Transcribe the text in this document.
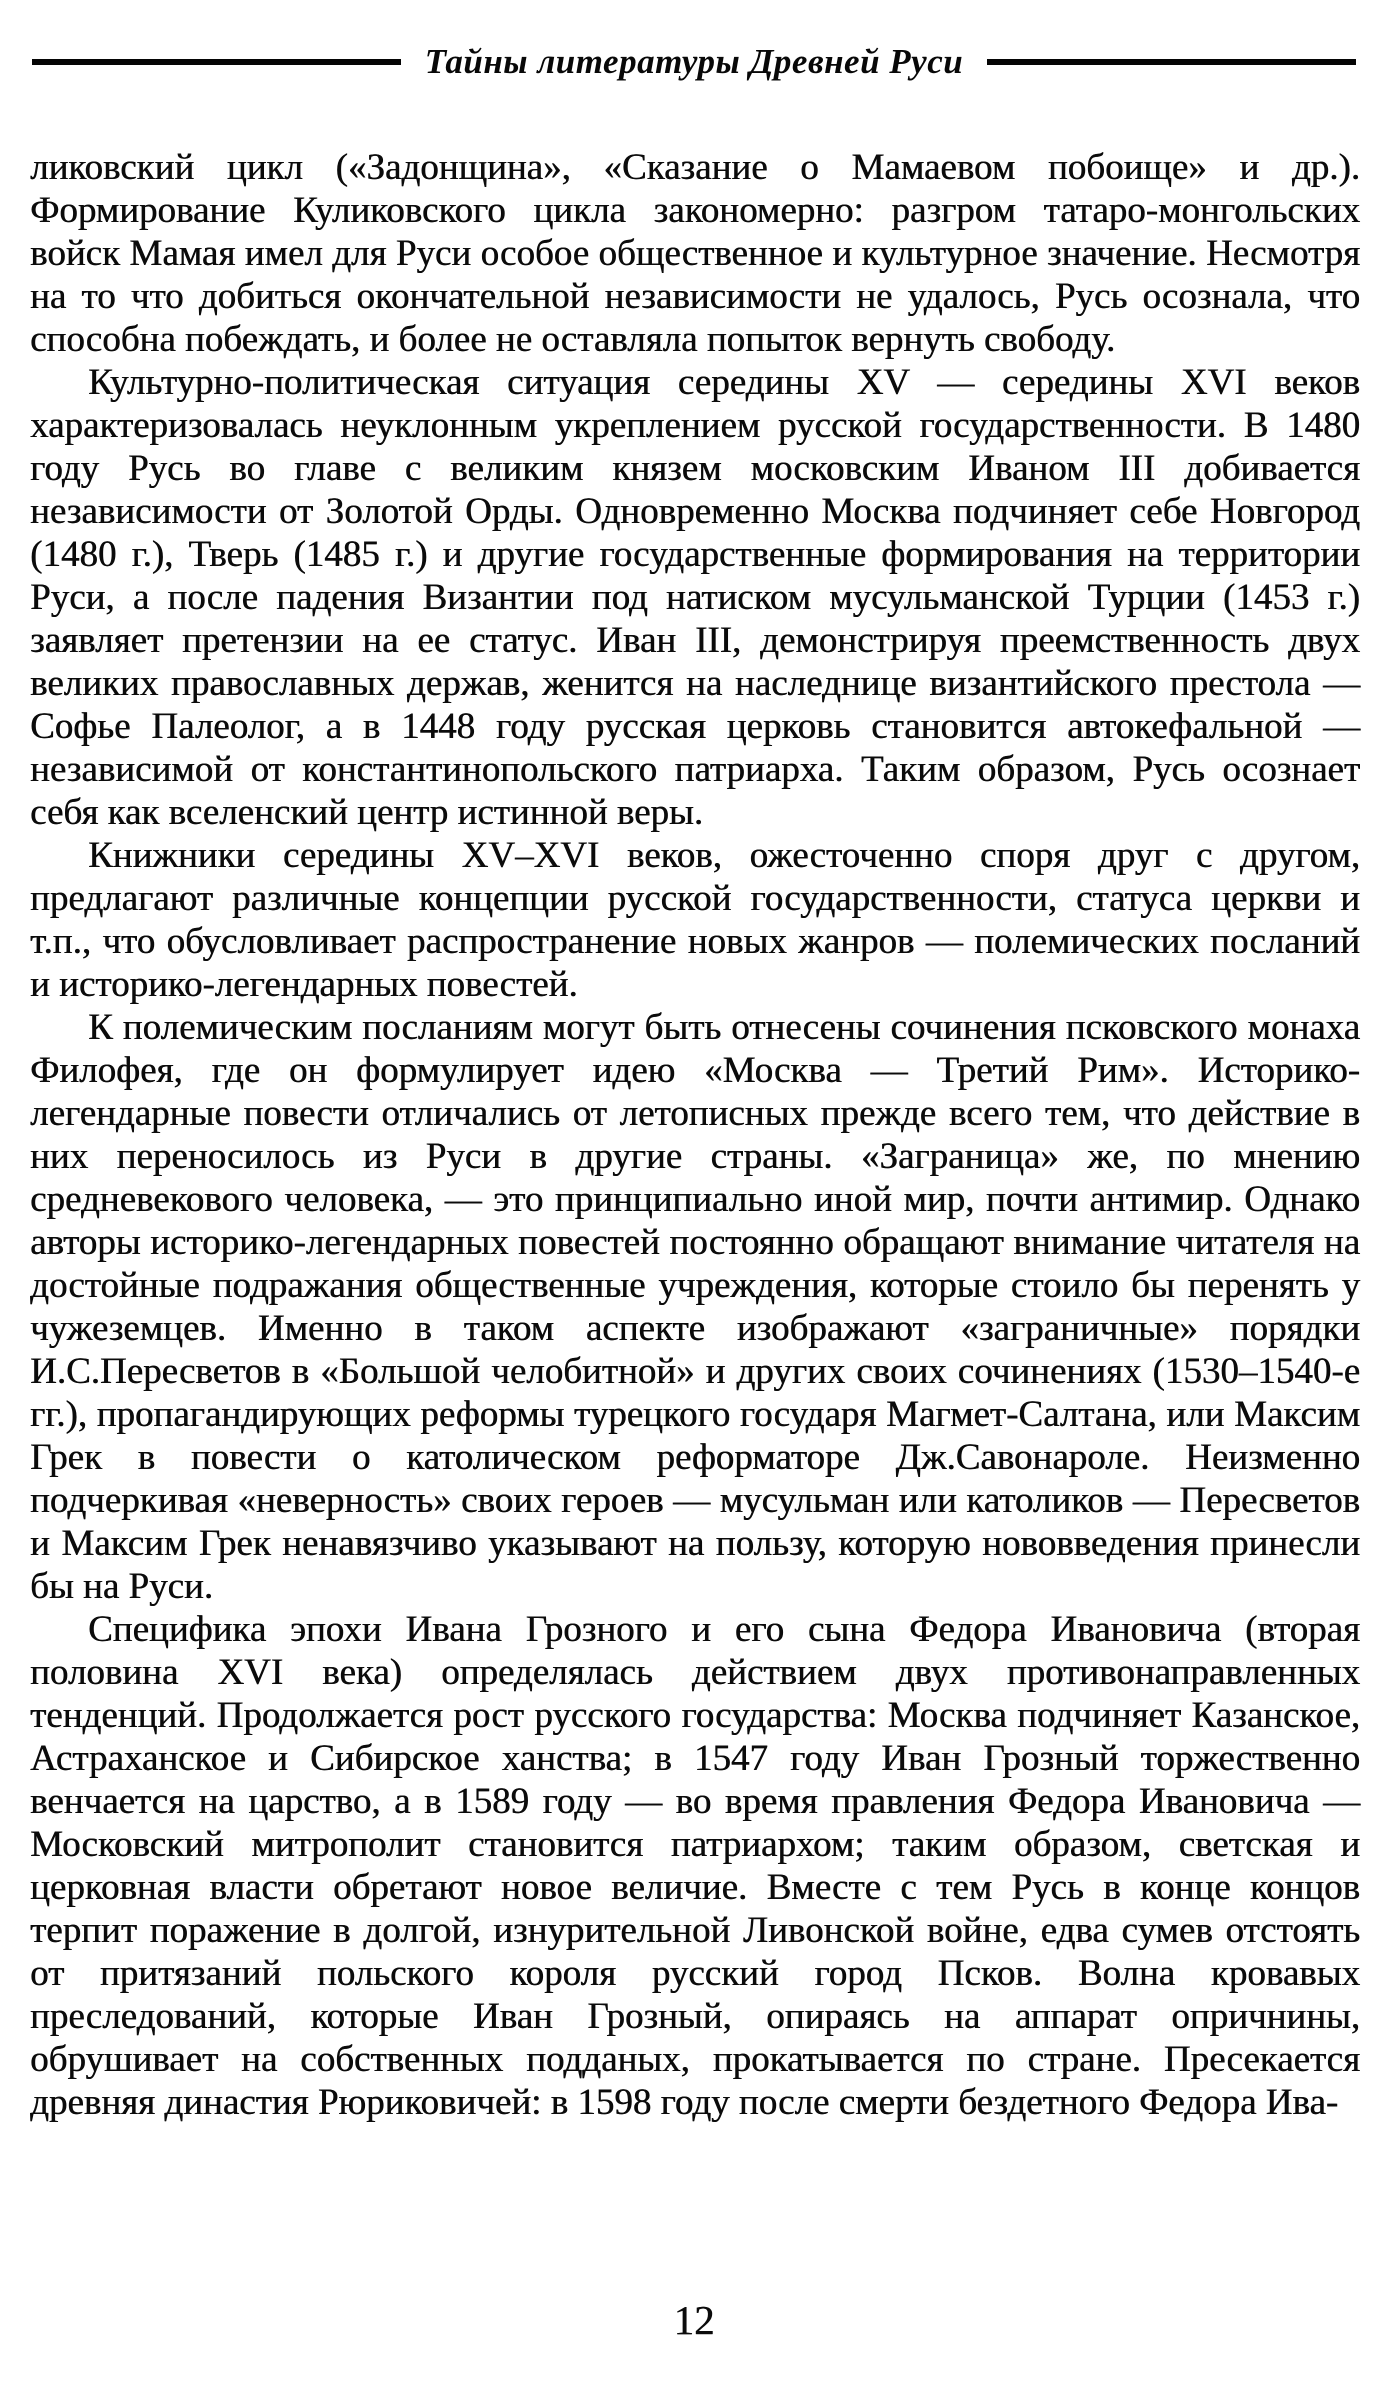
Тайны литературы Древней Руси

ликовский цикл («Задонщина», «Сказание о Мамаевом побоище» и др.). Формирование Куликовского цикла закономерно: разгром татаро-монгольских войск Мамая имел для Руси особое общественное и культурное значение. Несмотря на то что добиться окончательной независимости не удалось, Русь осознала, что способна побеждать, и более не оставляла попыток вернуть свободу.

Культурно-политическая ситуация середины XV — середины XVI веков характеризовалась неуклонным укреплением русской государственности. В 1480 году Русь во главе с великим князем московским Иваном III добивается независимости от Золотой Орды. Одновременно Москва подчиняет себе Новгород (1480 г.), Тверь (1485 г.) и другие государственные формирования на территории Руси, а после падения Византии под натиском мусульманской Турции (1453 г.) заявляет претензии на ее статус. Иван III, демонстрируя преемственность двух великих православных держав, женится на наследнице византийского престола — Софье Палеолог, а в 1448 году русская церковь становится автокефальной — независимой от константинопольского патриарха. Таким образом, Русь осознает себя как вселенский центр истинной веры.

Книжники середины XV–XVI веков, ожесточенно споря друг с другом, предлагают различные концепции русской государственности, статуса церкви и т.п., что обусловливает распространение новых жанров — полемических посланий и историко-легендарных повестей.

К полемическим посланиям могут быть отнесены сочинения псковского монаха Филофея, где он формулирует идею «Москва — Третий Рим». Историко-легендарные повести отличались от летописных прежде всего тем, что действие в них переносилось из Руси в другие страны. «Заграница» же, по мнению средневекового человека, — это принципиально иной мир, почти антимир. Однако авторы историко-легендарных повестей постоянно обращают внимание читателя на достойные подражания общественные учреждения, которые стоило бы перенять у чужеземцев. Именно в таком аспекте изображают «заграничные» порядки И.С.Пересветов в «Большой челобитной» и других своих сочинениях (1530–1540-е гг.), пропагандирующих реформы турецкого государя Магмет-Салтана, или Максим Грек в повести о католическом реформаторе Дж.Савонароле. Неизменно подчеркивая «неверность» своих героев — мусульман или католиков — Пересветов и Максим Грек ненавязчиво указывают на пользу, которую нововведения принесли бы на Руси.

Специфика эпохи Ивана Грозного и его сына Федора Ивановича (вторая половина XVI века) определялась действием двух противонаправленных тенденций. Продолжается рост русского государства: Москва подчиняет Казанское, Астраханское и Сибирское ханства; в 1547 году Иван Грозный торжественно венчается на царство, а в 1589 году — во время правления Федора Ивановича — Московский митрополит становится патриархом; таким образом, светская и церковная власти обретают новое величие. Вместе с тем Русь в конце концов терпит поражение в долгой, изнурительной Ливонской войне, едва сумев отстоять от притязаний польского короля русский город Псков. Волна кровавых преследований, которые Иван Грозный, опираясь на аппарат опричнины, обрушивает на собственных подданых, прокатывается по стране. Пресекается древняя династия Рюриковичей: в 1598 году после смерти бездетного Федора Ива-

12
